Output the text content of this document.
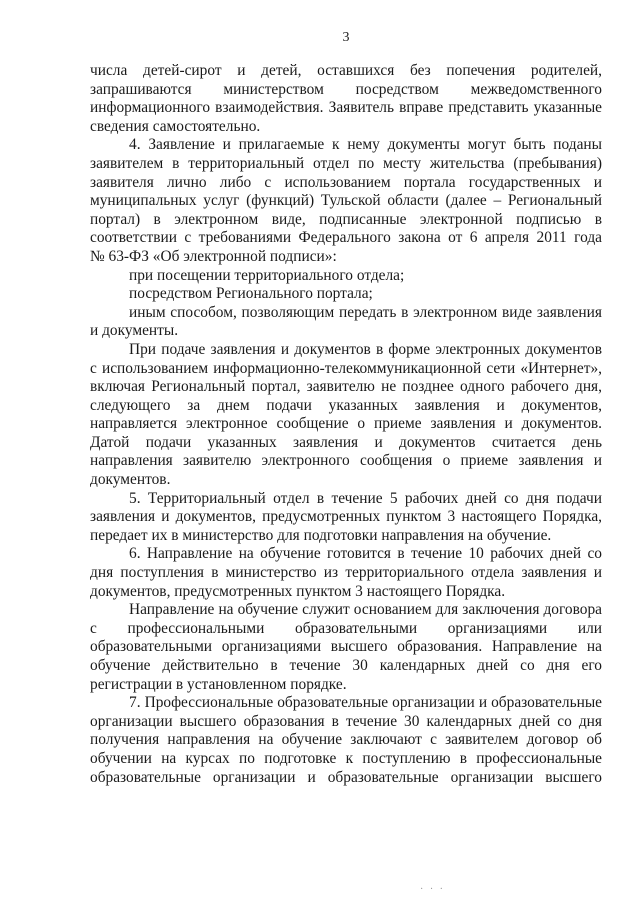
3
числа детей-сирот и детей, оставшихся без попечения родителей,
запрашиваются министерством посредством межведомственного
информационного взаимодействия. Заявитель вправе представить указанные
сведения самостоятельно.
4. Заявление и прилагаемые к нему документы могут быть поданы
заявителем в территориальный отдел по месту жительства (пребывания)
заявителя лично либо с использованием портала государственных и
муниципальных услуг (функций) Тульской области (далее – Региональный
портал) в электронном виде, подписанные электронной подписью в
соответствии с требованиями Федерального закона от 6 апреля 2011 года
№ 63-ФЗ «Об электронной подписи»:
при посещении территориального отдела;
посредством Регионального портала;
иным способом, позволяющим передать в электронном виде заявления
и документы.
При подаче заявления и документов в форме электронных документов
с использованием информационно-телекоммуникационной сети «Интернет»,
включая Региональный портал, заявителю не позднее одного рабочего дня,
следующего за днем подачи указанных заявления и документов,
направляется электронное сообщение о приеме заявления и документов.
Датой подачи указанных заявления и документов считается день
направления заявителю электронного сообщения о приеме заявления и
документов.
5. Территориальный отдел в течение 5 рабочих дней со дня подачи
заявления и документов, предусмотренных пунктом 3 настоящего Порядка,
передает их в министерство для подготовки направления на обучение.
6. Направление на обучение готовится в течение 10 рабочих дней со
дня поступления в министерство из территориального отдела заявления и
документов, предусмотренных пунктом 3 настоящего Порядка.
Направление на обучение служит основанием для заключения договора
с профессиональными образовательными организациями или
образовательными организациями высшего образования. Направление на
обучение действительно в течение 30 календарных дней со дня его
регистрации в установленном порядке.
7. Профессиональные образовательные организации и образовательные
организации высшего образования в течение 30 календарных дней со дня
получения направления на обучение заключают с заявителем договор об
обучении на курсах по подготовке к поступлению в профессиональные
образовательные организации и образовательные организации высшего
· · ·
